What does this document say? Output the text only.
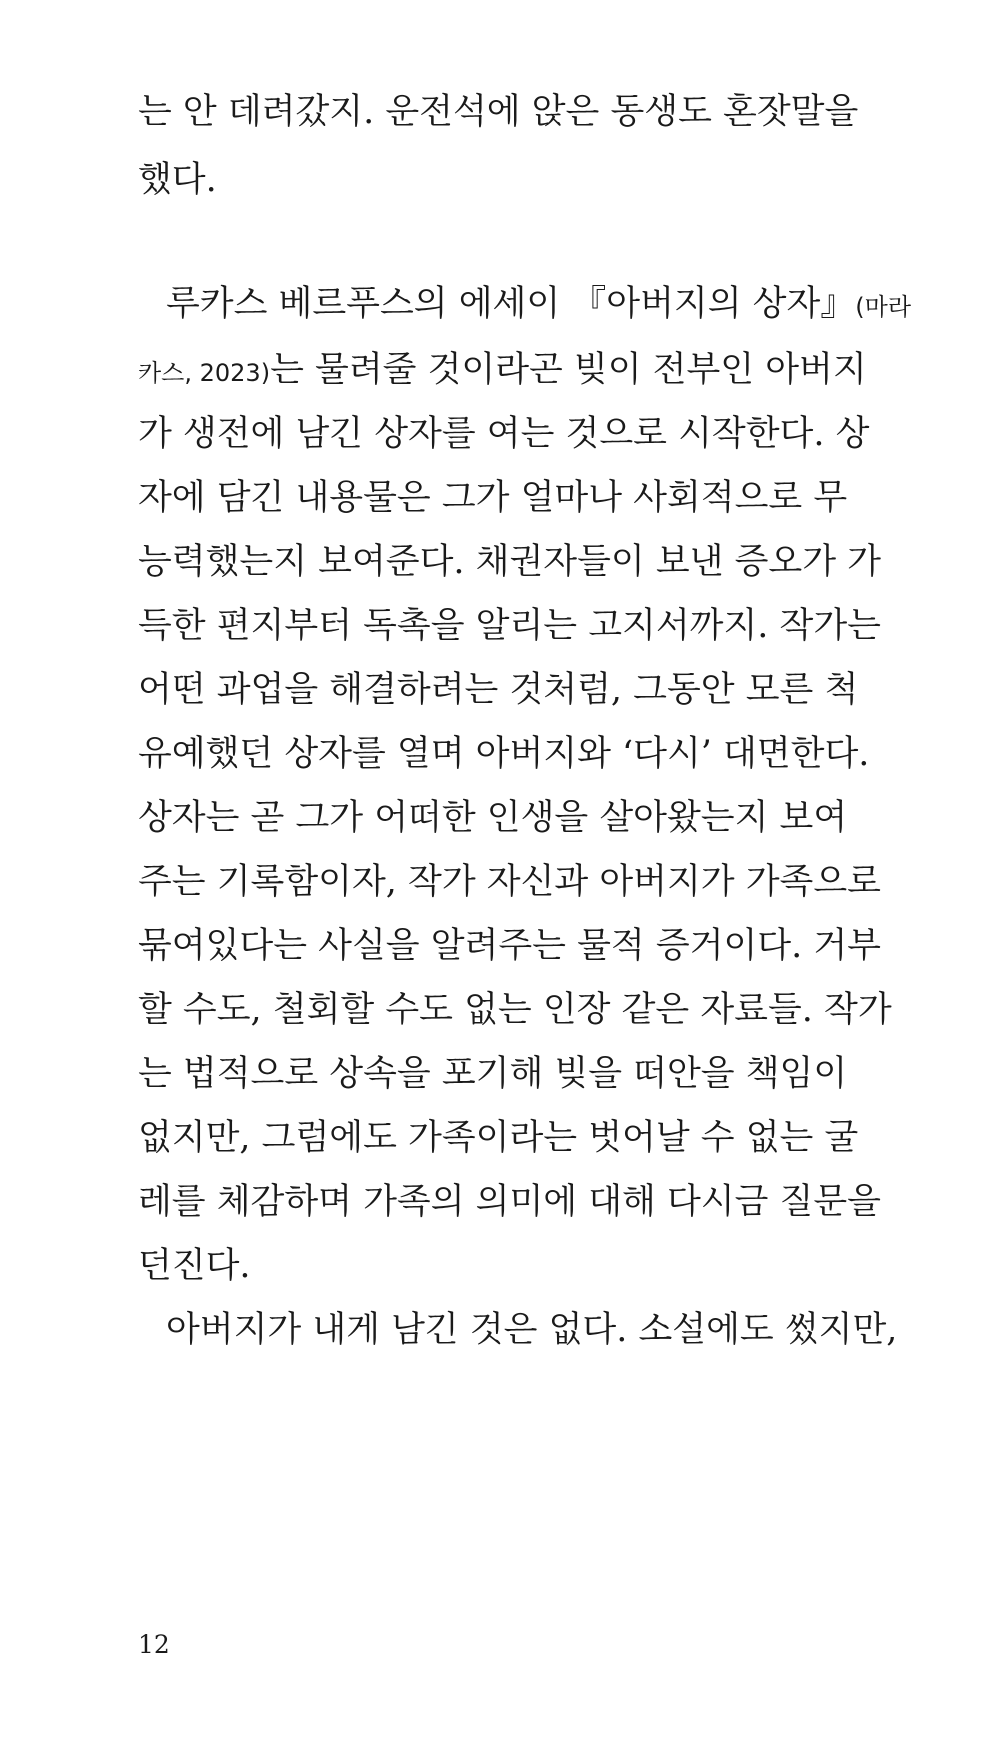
는 안 데려갔지. 운전석에 앉은 동생도 혼잣말을
했다.
루카스 베르푸스의 에세이 『아버지의 상자』(마라
카스, 2023)는 물려줄 것이라곤 빚이 전부인 아버지
가 생전에 남긴 상자를 여는 것으로 시작한다. 상
자에 담긴 내용물은 그가 얼마나 사회적으로 무
능력했는지 보여준다. 채권자들이 보낸 증오가 가
득한 편지부터 독촉을 알리는 고지서까지. 작가는
어떤 과업을 해결하려는 것처럼, 그동안 모른 척
유예했던 상자를 열며 아버지와 ‘다시’ 대면한다.
상자는 곧 그가 어떠한 인생을 살아왔는지 보여
주는 기록함이자, 작가 자신과 아버지가 가족으로
묶여있다는 사실을 알려주는 물적 증거이다. 거부
할 수도, 철회할 수도 없는 인장 같은 자료들. 작가
는 법적으로 상속을 포기해 빚을 떠안을 책임이
없지만, 그럼에도 가족이라는 벗어날 수 없는 굴
레를 체감하며 가족의 의미에 대해 다시금 질문을
던진다.
아버지가 내게 남긴 것은 없다. 소설에도 썼지만,
12
